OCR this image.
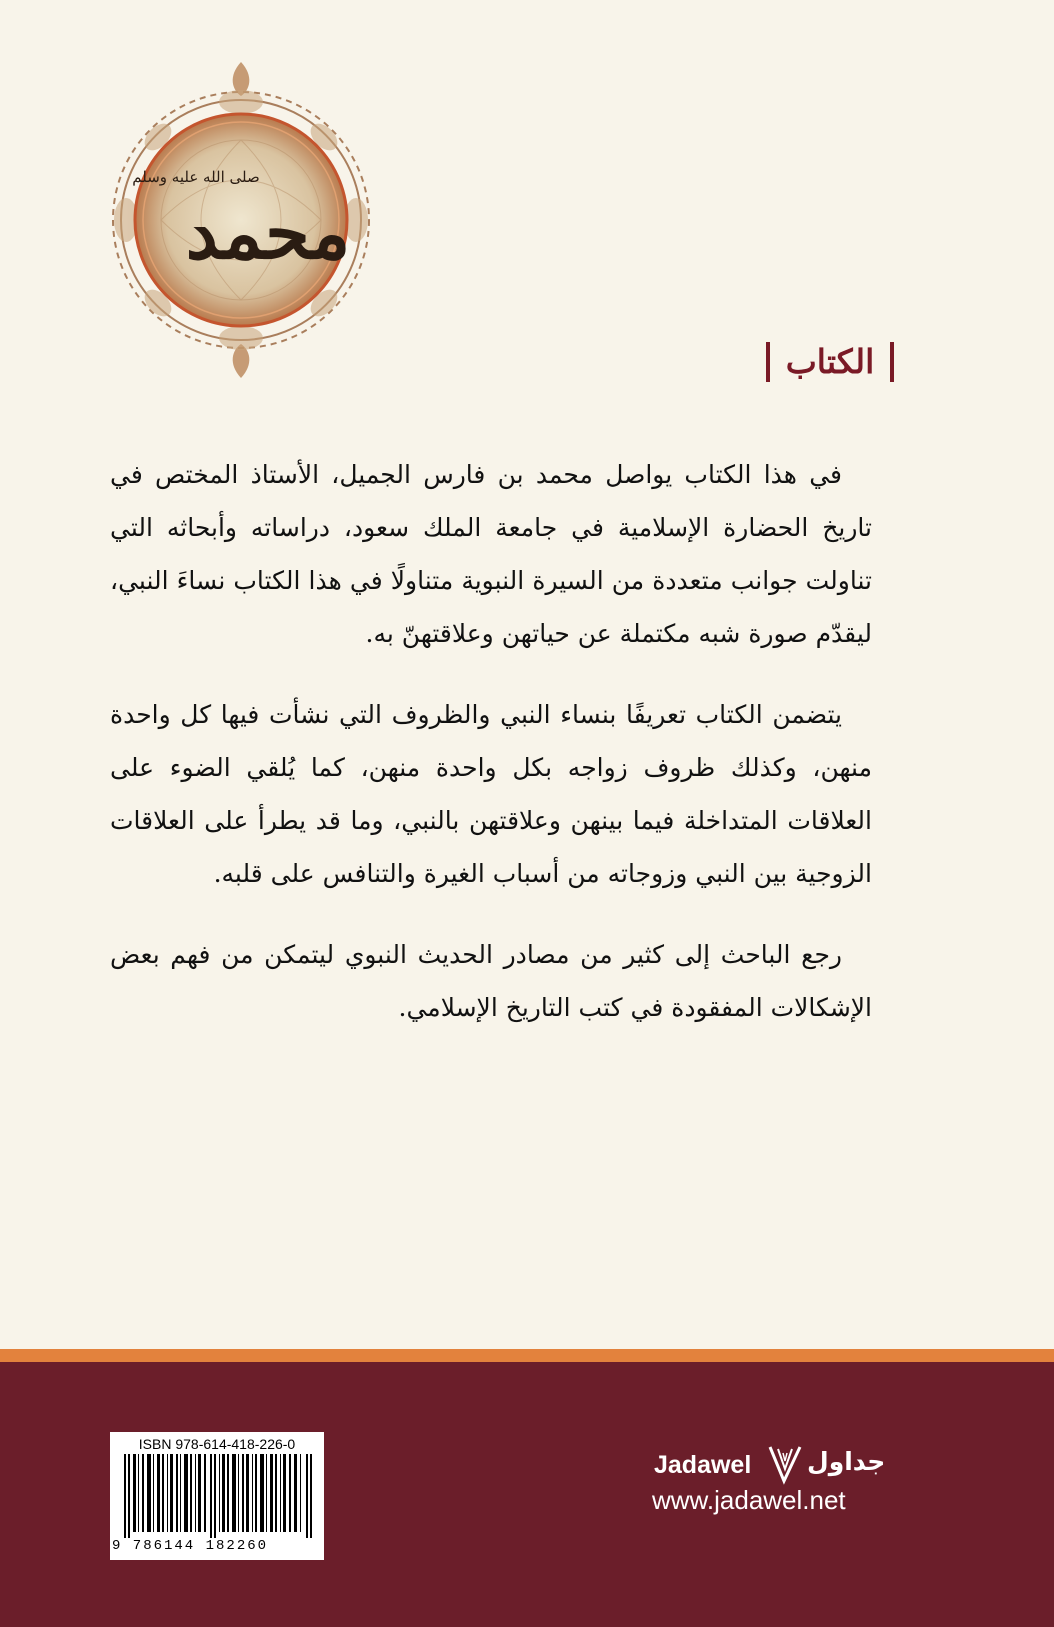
محمد
صلى الله عليه وسلم
الكتاب

في هذا الكتاب يواصل محمد بن فارس الجميل، الأستاذ المختص في تاريخ الحضارة الإسلامية في جامعة الملك سعود، دراساته وأبحاثه التي تناولت جوانب متعددة من السيرة النبوية متناولًا في هذا الكتاب نساءَ النبي، ليقدّم صورة شبه مكتملة عن حياتهن وعلاقتهنّ به.

يتضمن الكتاب تعريفًا بنساء النبي والظروف التي نشأت فيها كل واحدة منهن، وكذلك ظروف زواجه بكل واحدة منهن، كما يُلقي الضوء على العلاقات المتداخلة فيما بينهن وعلاقتهن بالنبي، وما قد يطرأ على العلاقات الزوجية بين النبي وزوجاته من أسباب الغيرة والتنافس على قلبه.

رجع الباحث إلى كثير من مصادر الحديث النبوي ليتمكن من فهم بعض الإشكالات المفقودة في كتب التاريخ الإسلامي.

ISBN 978-614-418-226-0
9 786144 182260
Jadawel جداول
www.jadawel.net
